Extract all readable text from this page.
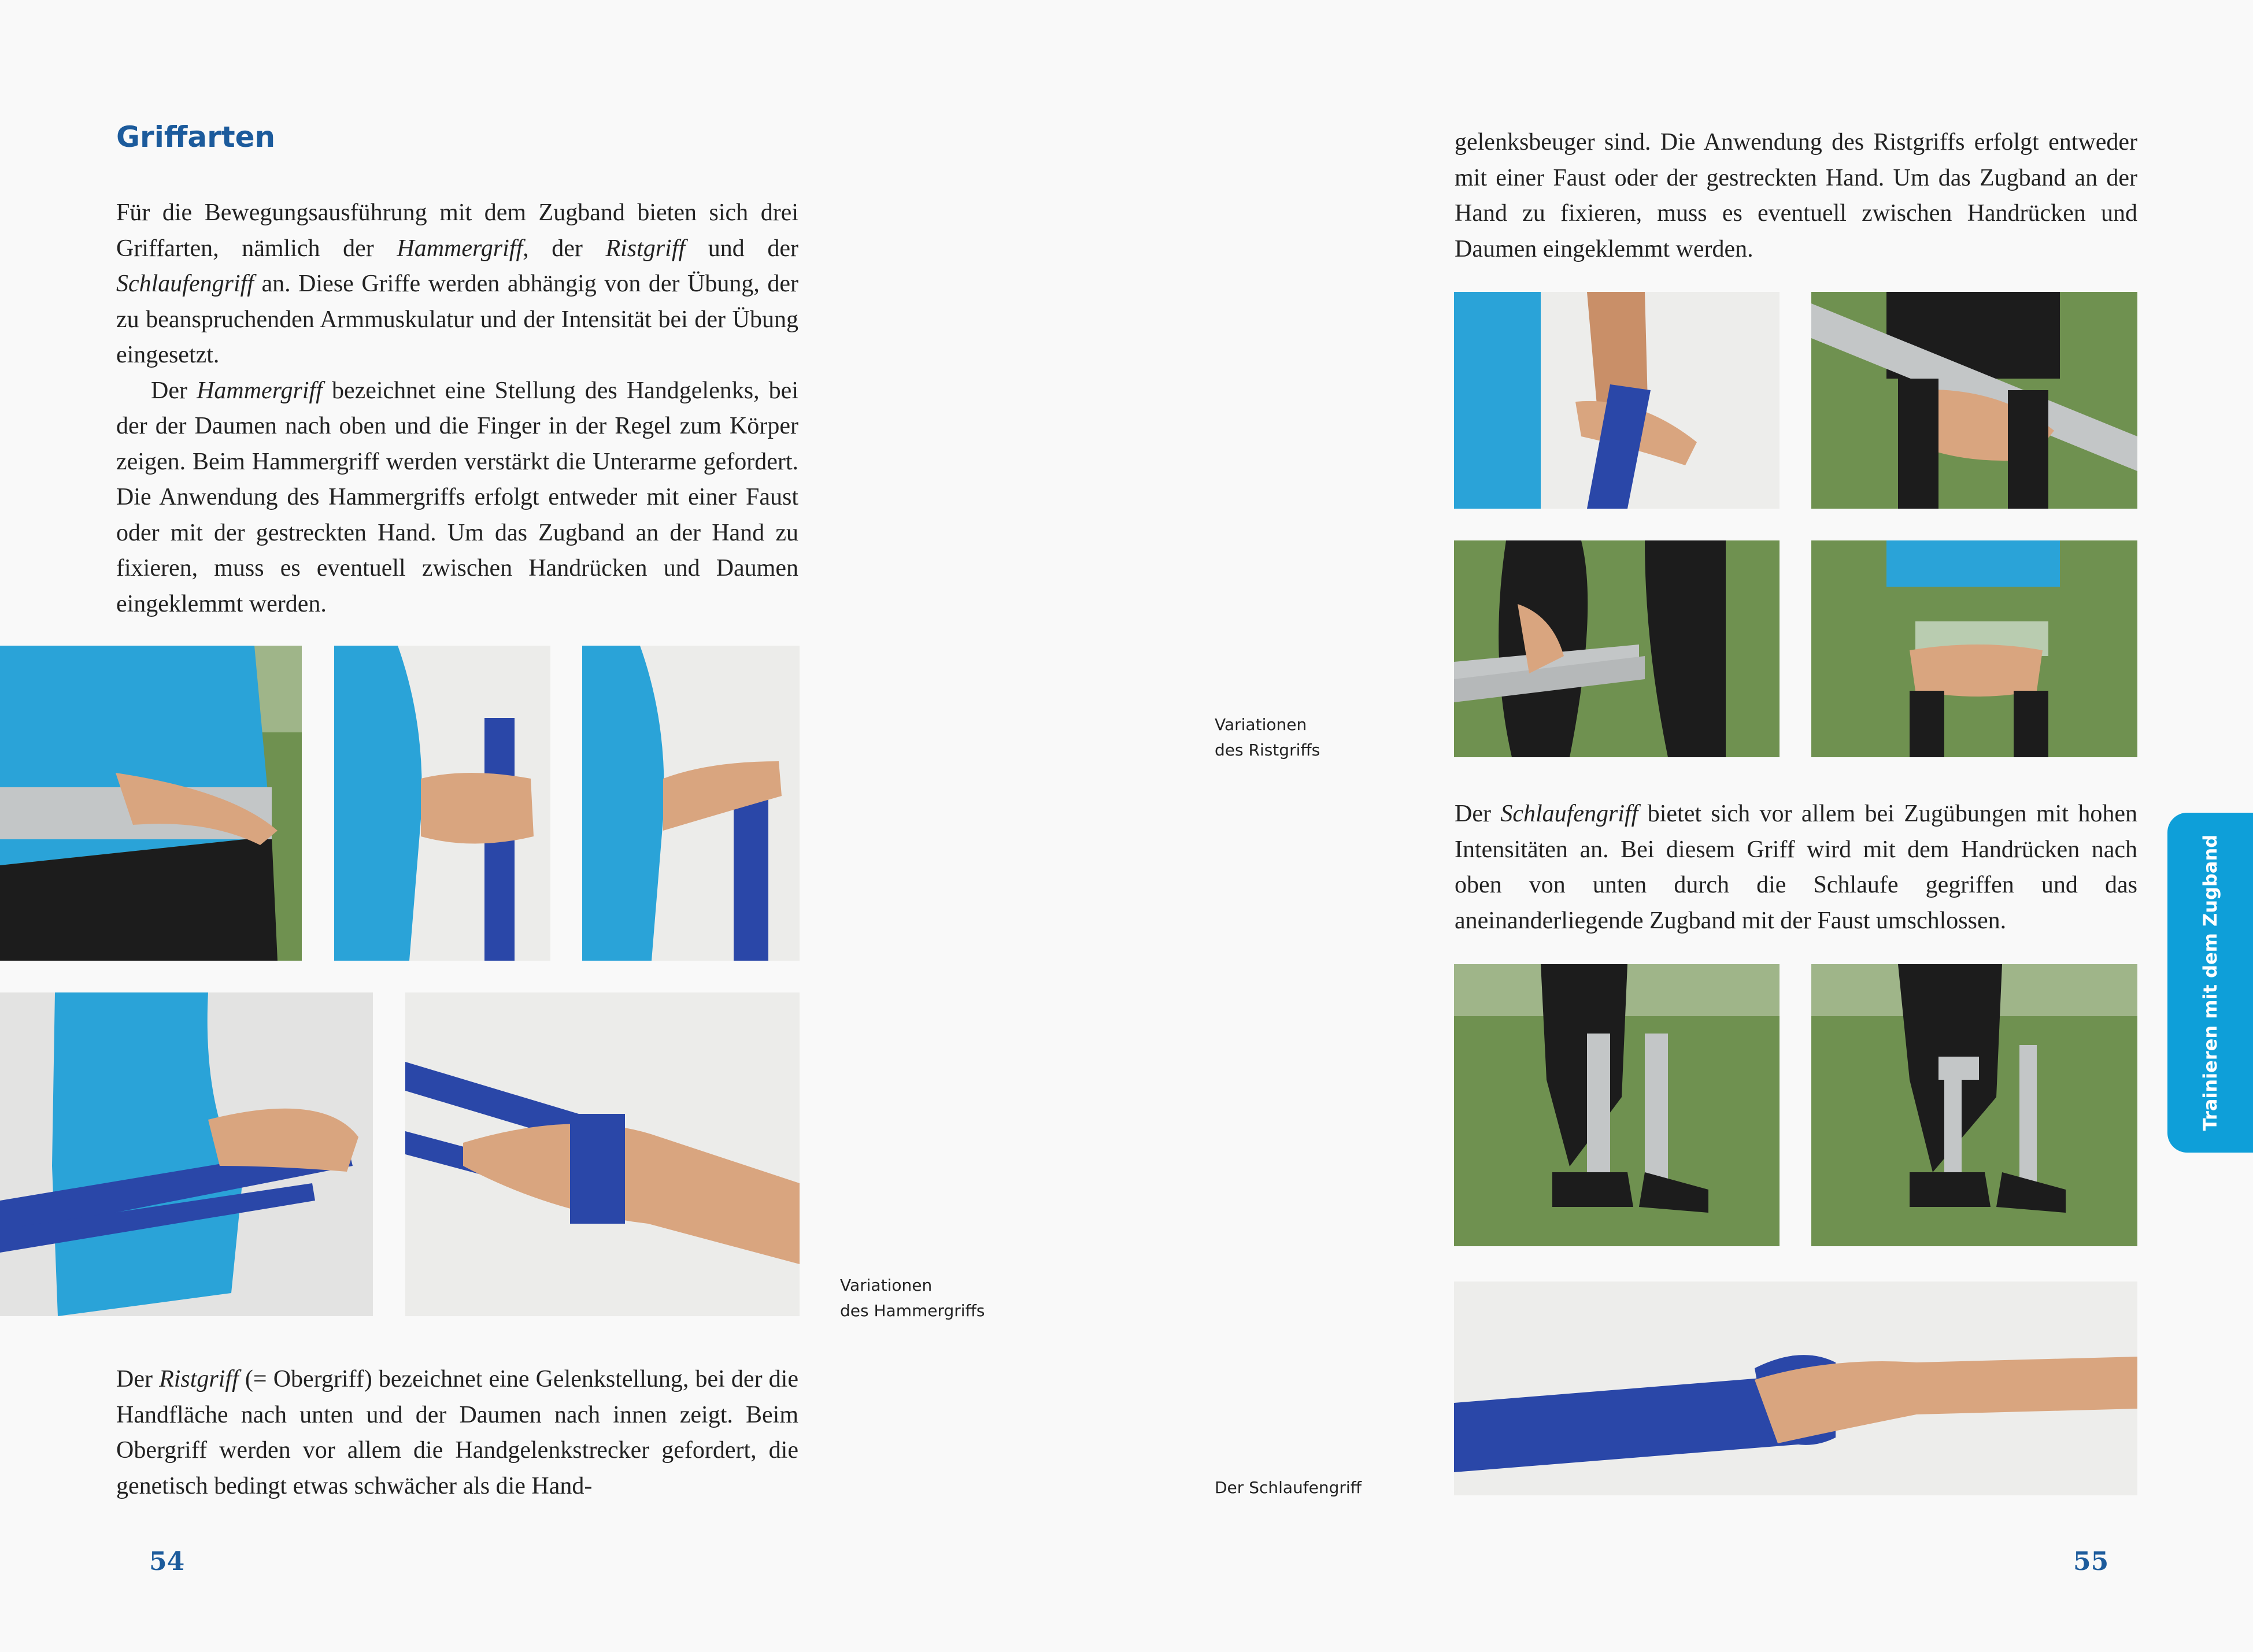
Griffarten

Für die Bewegungsausführung mit dem Zugband bieten sich drei Griffarten, nämlich der Hammergriff, der Ristgriff und der Schlaufengriff an. Diese Griffe werden abhängig von der Übung, der zu beanspruchenden Armmuskulatur und der Intensität bei der Übung eingesetzt.

Der Hammergriff bezeichnet eine Stellung des Handgelenks, bei der der Daumen nach oben und die Finger in der Regel zum Körper zeigen. Beim Hammergriff werden verstärkt die Unterarme gefordert. Die Anwendung des Hammergriffs erfolgt entweder mit einer Faust oder mit der gestreckten Hand. Um das Zugband an der Hand zu fixieren, muss es eventuell zwischen Handrücken und Daumen eingeklemmt werden.

Variationen
des Hammergriffs

Der Ristgriff (= Obergriff) bezeichnet eine Gelenkstellung, bei der die Handfläche nach unten und der Daumen nach innen zeigt. Beim Obergriff werden vor allem die Handgelenkstrecker gefordert, die genetisch bedingt etwas schwächer als die Hand-

54

gelenksbeuger sind. Die Anwendung des Ristgriffs erfolgt entweder mit einer Faust oder der gestreckten Hand. Um das Zugband an der Hand zu fixieren, muss es eventuell zwischen Handrücken und Daumen eingeklemmt werden.

Variationen
des Ristgriffs

Der Schlaufengriff bietet sich vor allem bei Zugübungen mit hohen Intensitäten an. Bei diesem Griff wird mit dem Handrücken nach oben von unten durch die Schlaufe gegriffen und das aneinanderliegende Zugband mit der Faust umschlossen.

Der Schlaufengriff
55
Trainieren mit dem Zugband
